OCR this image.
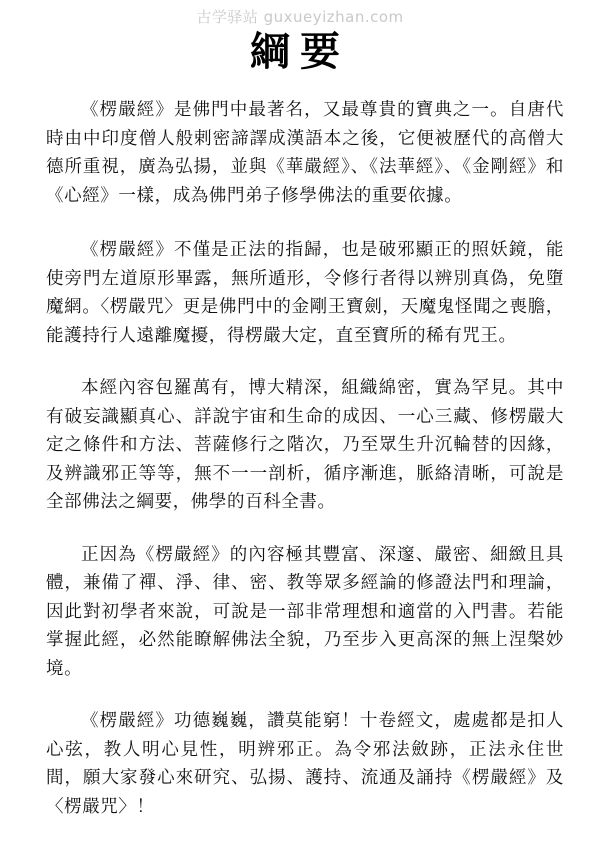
古学驿站 guxueyizhan.com
綱要

《楞嚴經》是佛門中最著名，又最尊貴的寶典之一。自唐代時由中印度僧人般剌密諦譯成漢語本之後，它便被歷代的高僧大德所重視，廣為弘揚，並與《華嚴經》、《法華經》、《金剛經》和《心經》一樣，成為佛門弟子修學佛法的重要依據。

《楞嚴經》不僅是正法的指歸，也是破邪顯正的照妖鏡，能使旁門左道原形畢露，無所遁形，令修行者得以辨別真偽，免墮魔網。〈楞嚴咒〉更是佛門中的金剛王寶劍，天魔鬼怪聞之喪膽，能護持行人遠離魔擾，得楞嚴大定，直至寶所的稀有咒王。

本經內容包羅萬有，博大精深，組織綿密，實為罕見。其中有破妄識顯真心、詳說宇宙和生命的成因、一心三藏、修楞嚴大定之條件和方法、菩薩修行之階次，乃至眾生升沉輪替的因緣，及辨識邪正等等，無不一一剖析，循序漸進，脈絡清晰，可說是全部佛法之綱要，佛學的百科全書。

正因為《楞嚴經》的內容極其豐富、深邃、嚴密、細緻且具體，兼備了禪、淨、律、密、教等眾多經論的修證法門和理論，因此對初學者來說，可說是一部非常理想和適當的入門書。若能掌握此經，必然能瞭解佛法全貌，乃至步入更高深的無上涅槃妙境。

《楞嚴經》功德巍巍，讚莫能窮！十卷經文，處處都是扣人心弦，教人明心見性，明辨邪正。為令邪法斂跡，正法永住世間，願大家發心來研究、弘揚、護持、流通及誦持《楞嚴經》及〈楞嚴咒〉！
